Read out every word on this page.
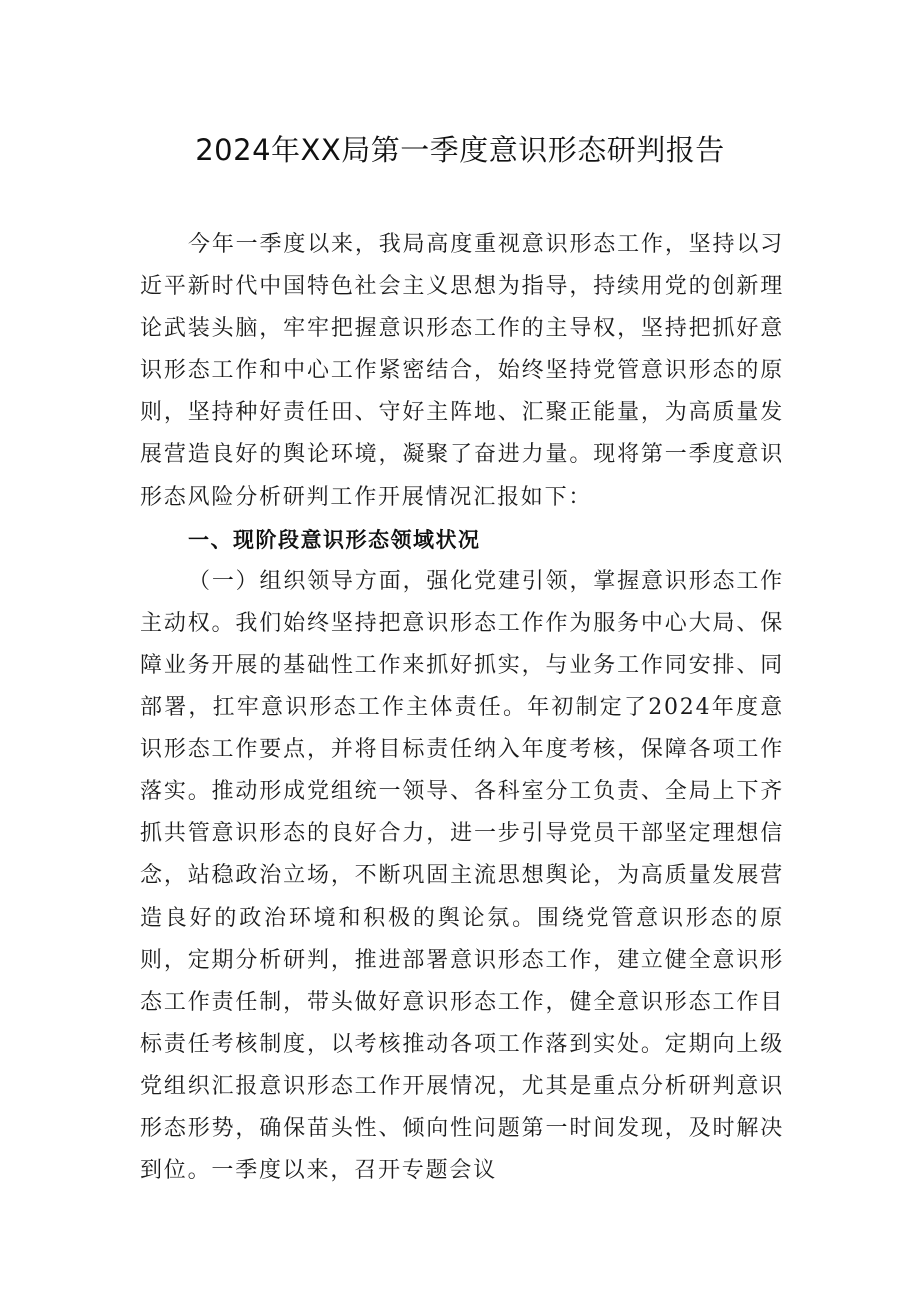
2024年XX局第一季度意识形态研判报告

今年一季度以来，我局高度重视意识形态工作，坚持以习近平新时代中国特色社会主义思想为指导，持续用党的创新理论武装头脑，牢牢把握意识形态工作的主导权，坚持把抓好意识形态工作和中心工作紧密结合，始终坚持党管意识形态的原则，坚持种好责任田、守好主阵地、汇聚正能量，为高质量发展营造良好的舆论环境，凝聚了奋进力量。现将第一季度意识形态风险分析研判工作开展情况汇报如下：

一、现阶段意识形态领域状况

（一）组织领导方面，强化党建引领，掌握意识形态工作主动权。我们始终坚持把意识形态工作作为服务中心大局、保障业务开展的基础性工作来抓好抓实，与业务工作同安排、同部署，扛牢意识形态工作主体责任。年初制定了2024年度意识形态工作要点，并将目标责任纳入年度考核，保障各项工作落实。推动形成党组统一领导、各科室分工负责、全局上下齐抓共管意识形态的良好合力，进一步引导党员干部坚定理想信念，站稳政治立场，不断巩固主流思想舆论，为高质量发展营造良好的政治环境和积极的舆论氛。围绕党管意识形态的原则，定期分析研判，推进部署意识形态工作，建立健全意识形态工作责任制，带头做好意识形态工作，健全意识形态工作目标责任考核制度，以考核推动各项工作落到实处。定期向上级党组织汇报意识形态工作开展情况，尤其是重点分析研判意识形态形势，确保苗头性、倾向性问题第一时间发现，及时解决到位。一季度以来，召开专题会议
